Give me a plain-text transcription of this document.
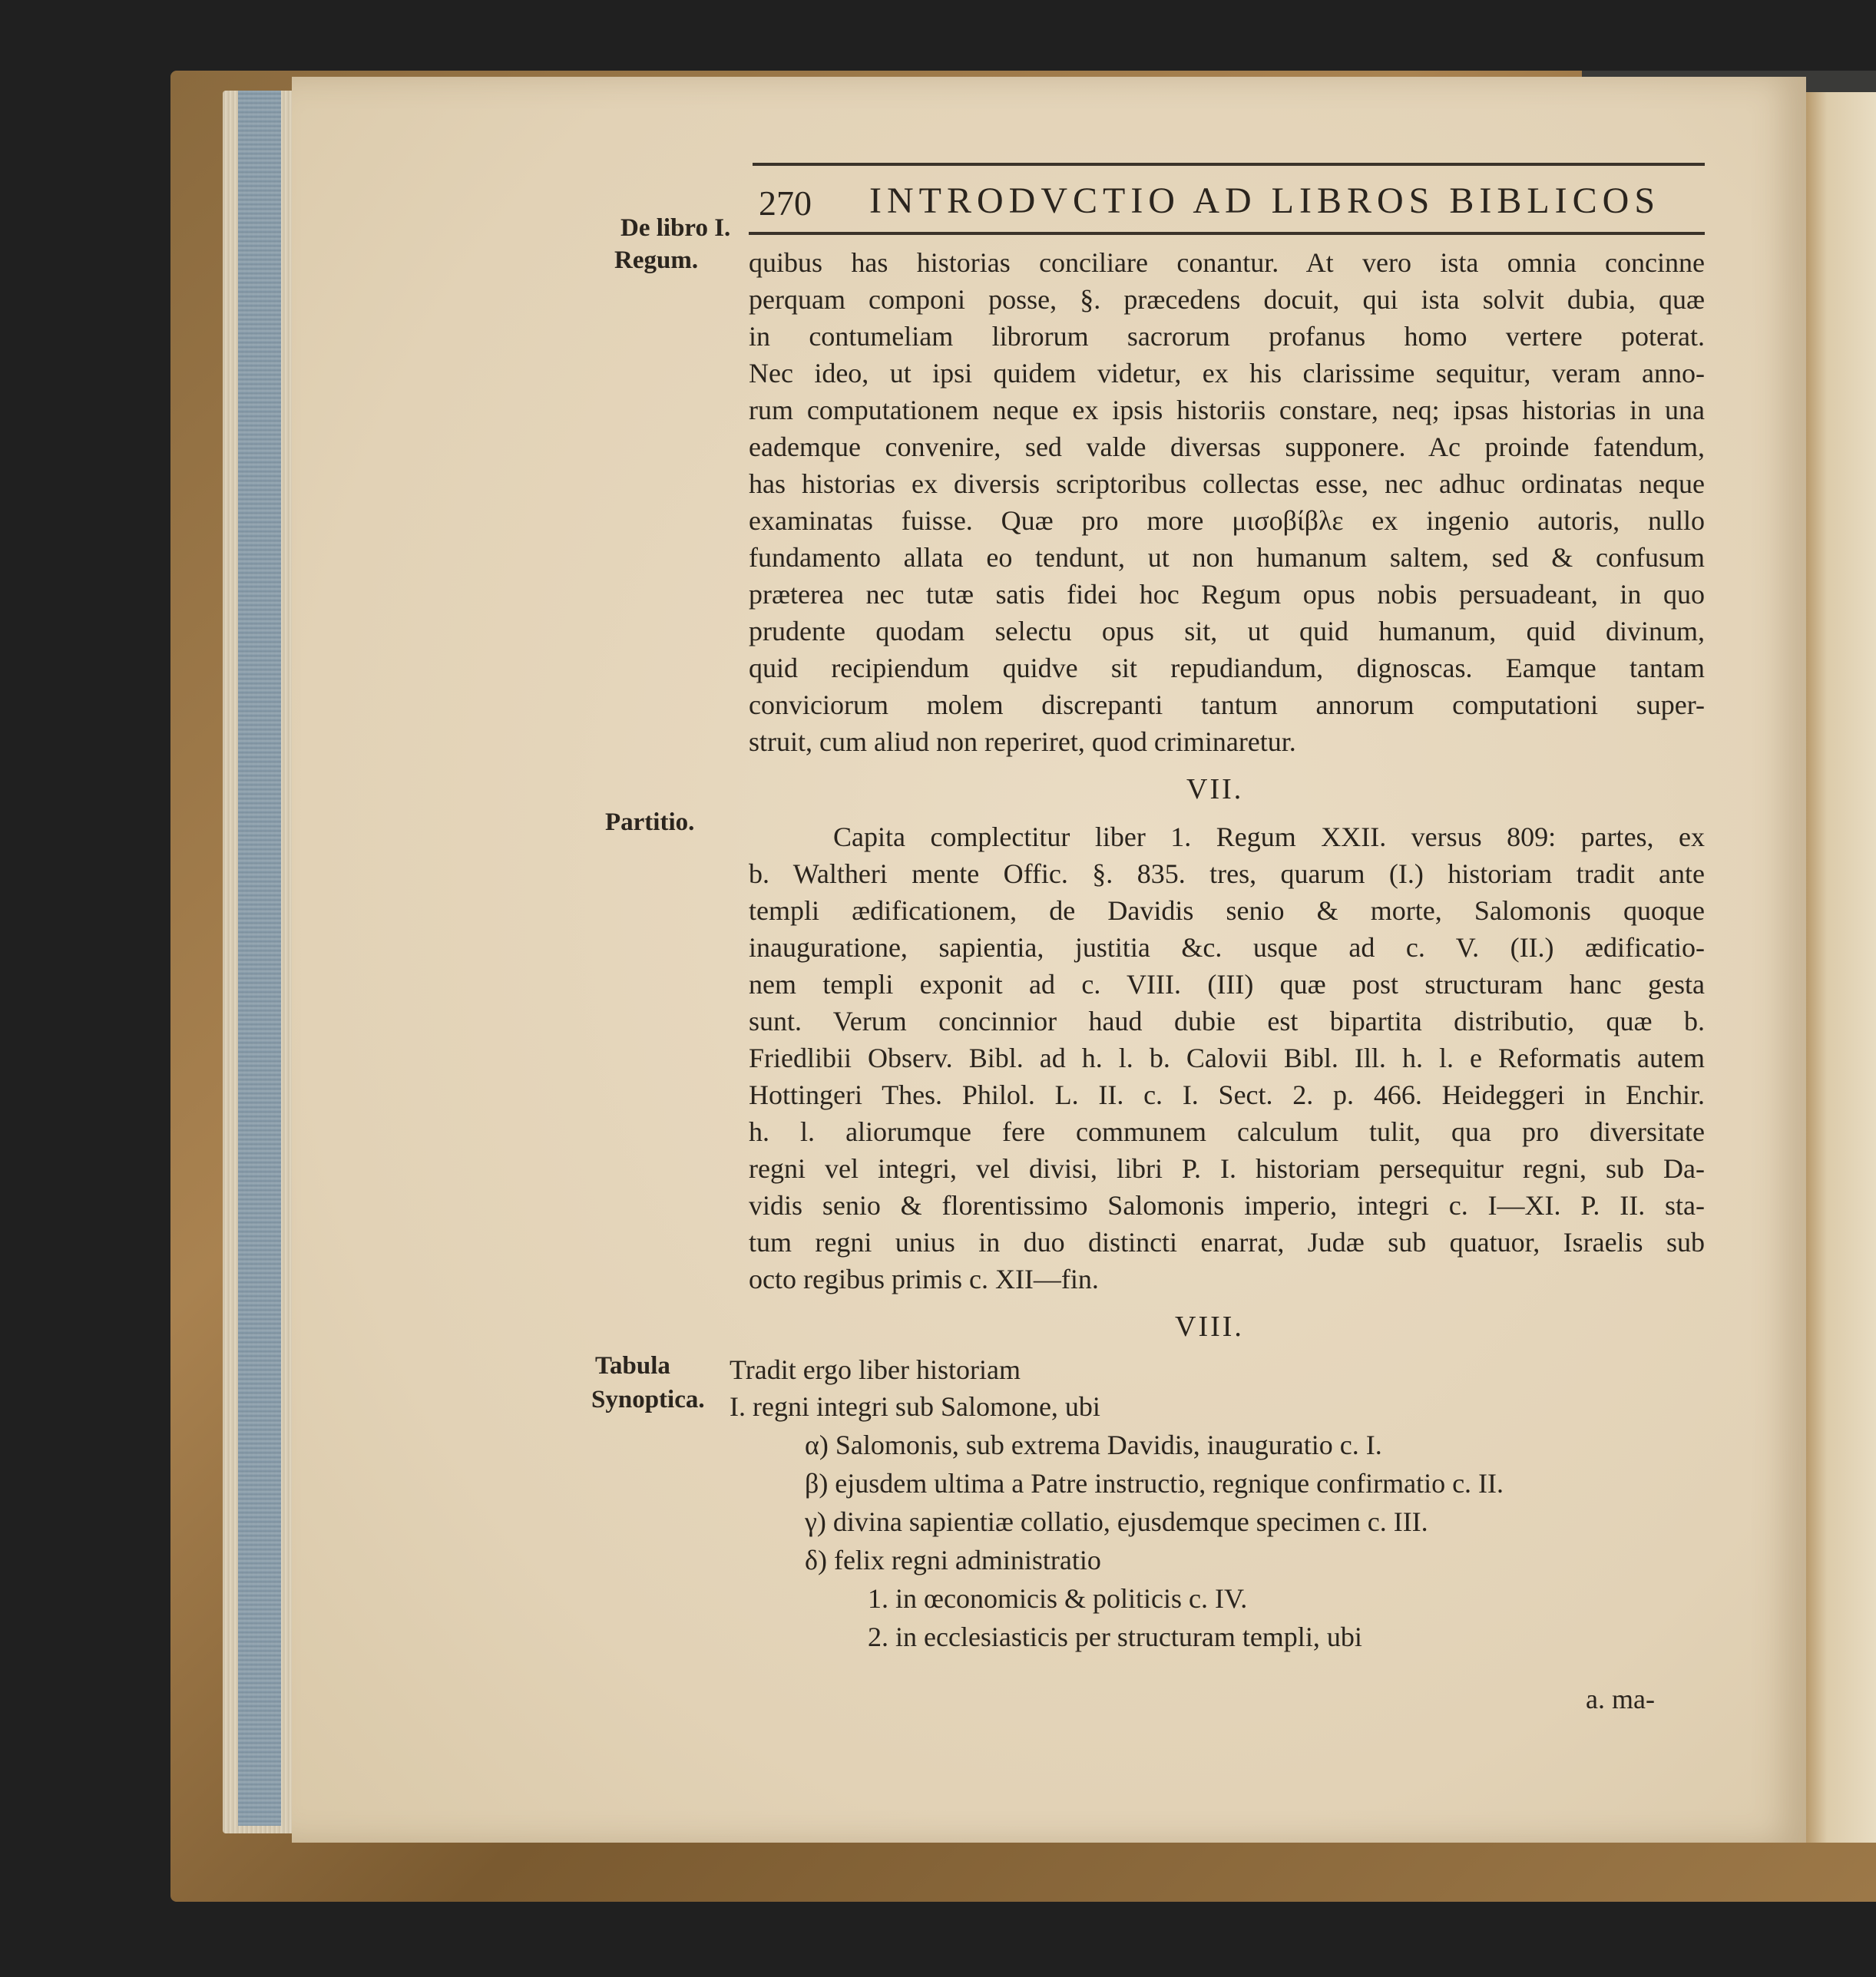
270 INTRODVCTIO AD LIBROS BIBLICOS
De libro I.
Regum.
Partitio.
Tabula
Synoptica.
quibus has historias conciliare conantur. At vero ista omnia concinne
perquam componi posse, §. præcedens docuit, qui ista solvit dubia, quæ
in contumeliam librorum sacrorum profanus homo vertere poterat.
Nec ideo, ut ipsi quidem videtur, ex his clarissime sequitur, veram anno-
rum computationem neque ex ipsis historiis constare, neq; ipsas historias in una
eademque convenire, sed valde diversas supponere. Ac proinde fatendum,
has historias ex diversis scriptoribus collectas esse, nec adhuc ordinatas neque
examinatas fuisse. Quæ pro more μισοβίβλε ex ingenio autoris, nullo
fundamento allata eo tendunt, ut non humanum saltem, sed & confusum
præterea nec tutæ satis fidei hoc Regum opus nobis persuadeant, in quo
prudente quodam selectu opus sit, ut quid humanum, quid divinum,
quid recipiendum quidve sit repudiandum, dignoscas. Eamque tantam
conviciorum molem discrepanti tantum annorum computationi super-
struit, cum aliud non reperiret, quod criminaretur.
VII.
Capita complectitur liber 1. Regum XXII. versus 809: partes, ex
b. Waltheri mente Offic. §. 835. tres, quarum (I.) historiam tradit ante
templi ædificationem, de Davidis senio & morte, Salomonis quoque
inauguratione, sapientia, justitia &c. usque ad c. V. (II.) ædificatio-
nem templi exponit ad c. VIII. (III) quæ post structuram hanc gesta
sunt. Verum concinnior haud dubie est bipartita distributio, quæ b.
Friedlibii Observ. Bibl. ad h. l. b. Calovii Bibl. Ill. h. l. e Reformatis autem
Hottingeri Thes. Philol. L. II. c. I. Sect. 2. p. 466. Heideggeri in Enchir.
h. l. aliorumque fere communem calculum tulit, qua pro diversitate
regni vel integri, vel divisi, libri P. I. historiam persequitur regni, sub Da-
vidis senio & florentissimo Salomonis imperio, integri c. I—XI. P. II. sta-
tum regni unius in duo distincti enarrat, Judæ sub quatuor, Israelis sub
octo regibus primis c. XII—fin.
VIII.
Tradit ergo liber historiam
I. regni integri sub Salomone, ubi
α) Salomonis, sub extrema Davidis, inauguratio c. I.
β) ejusdem ultima a Patre instructio, regnique confirmatio c. II.
γ) divina sapientiæ collatio, ejusdemque specimen c. III.
δ) felix regni administratio
1. in œconomicis & politicis c. IV.
2. in ecclesiasticis per structuram templi, ubi
a. ma-
